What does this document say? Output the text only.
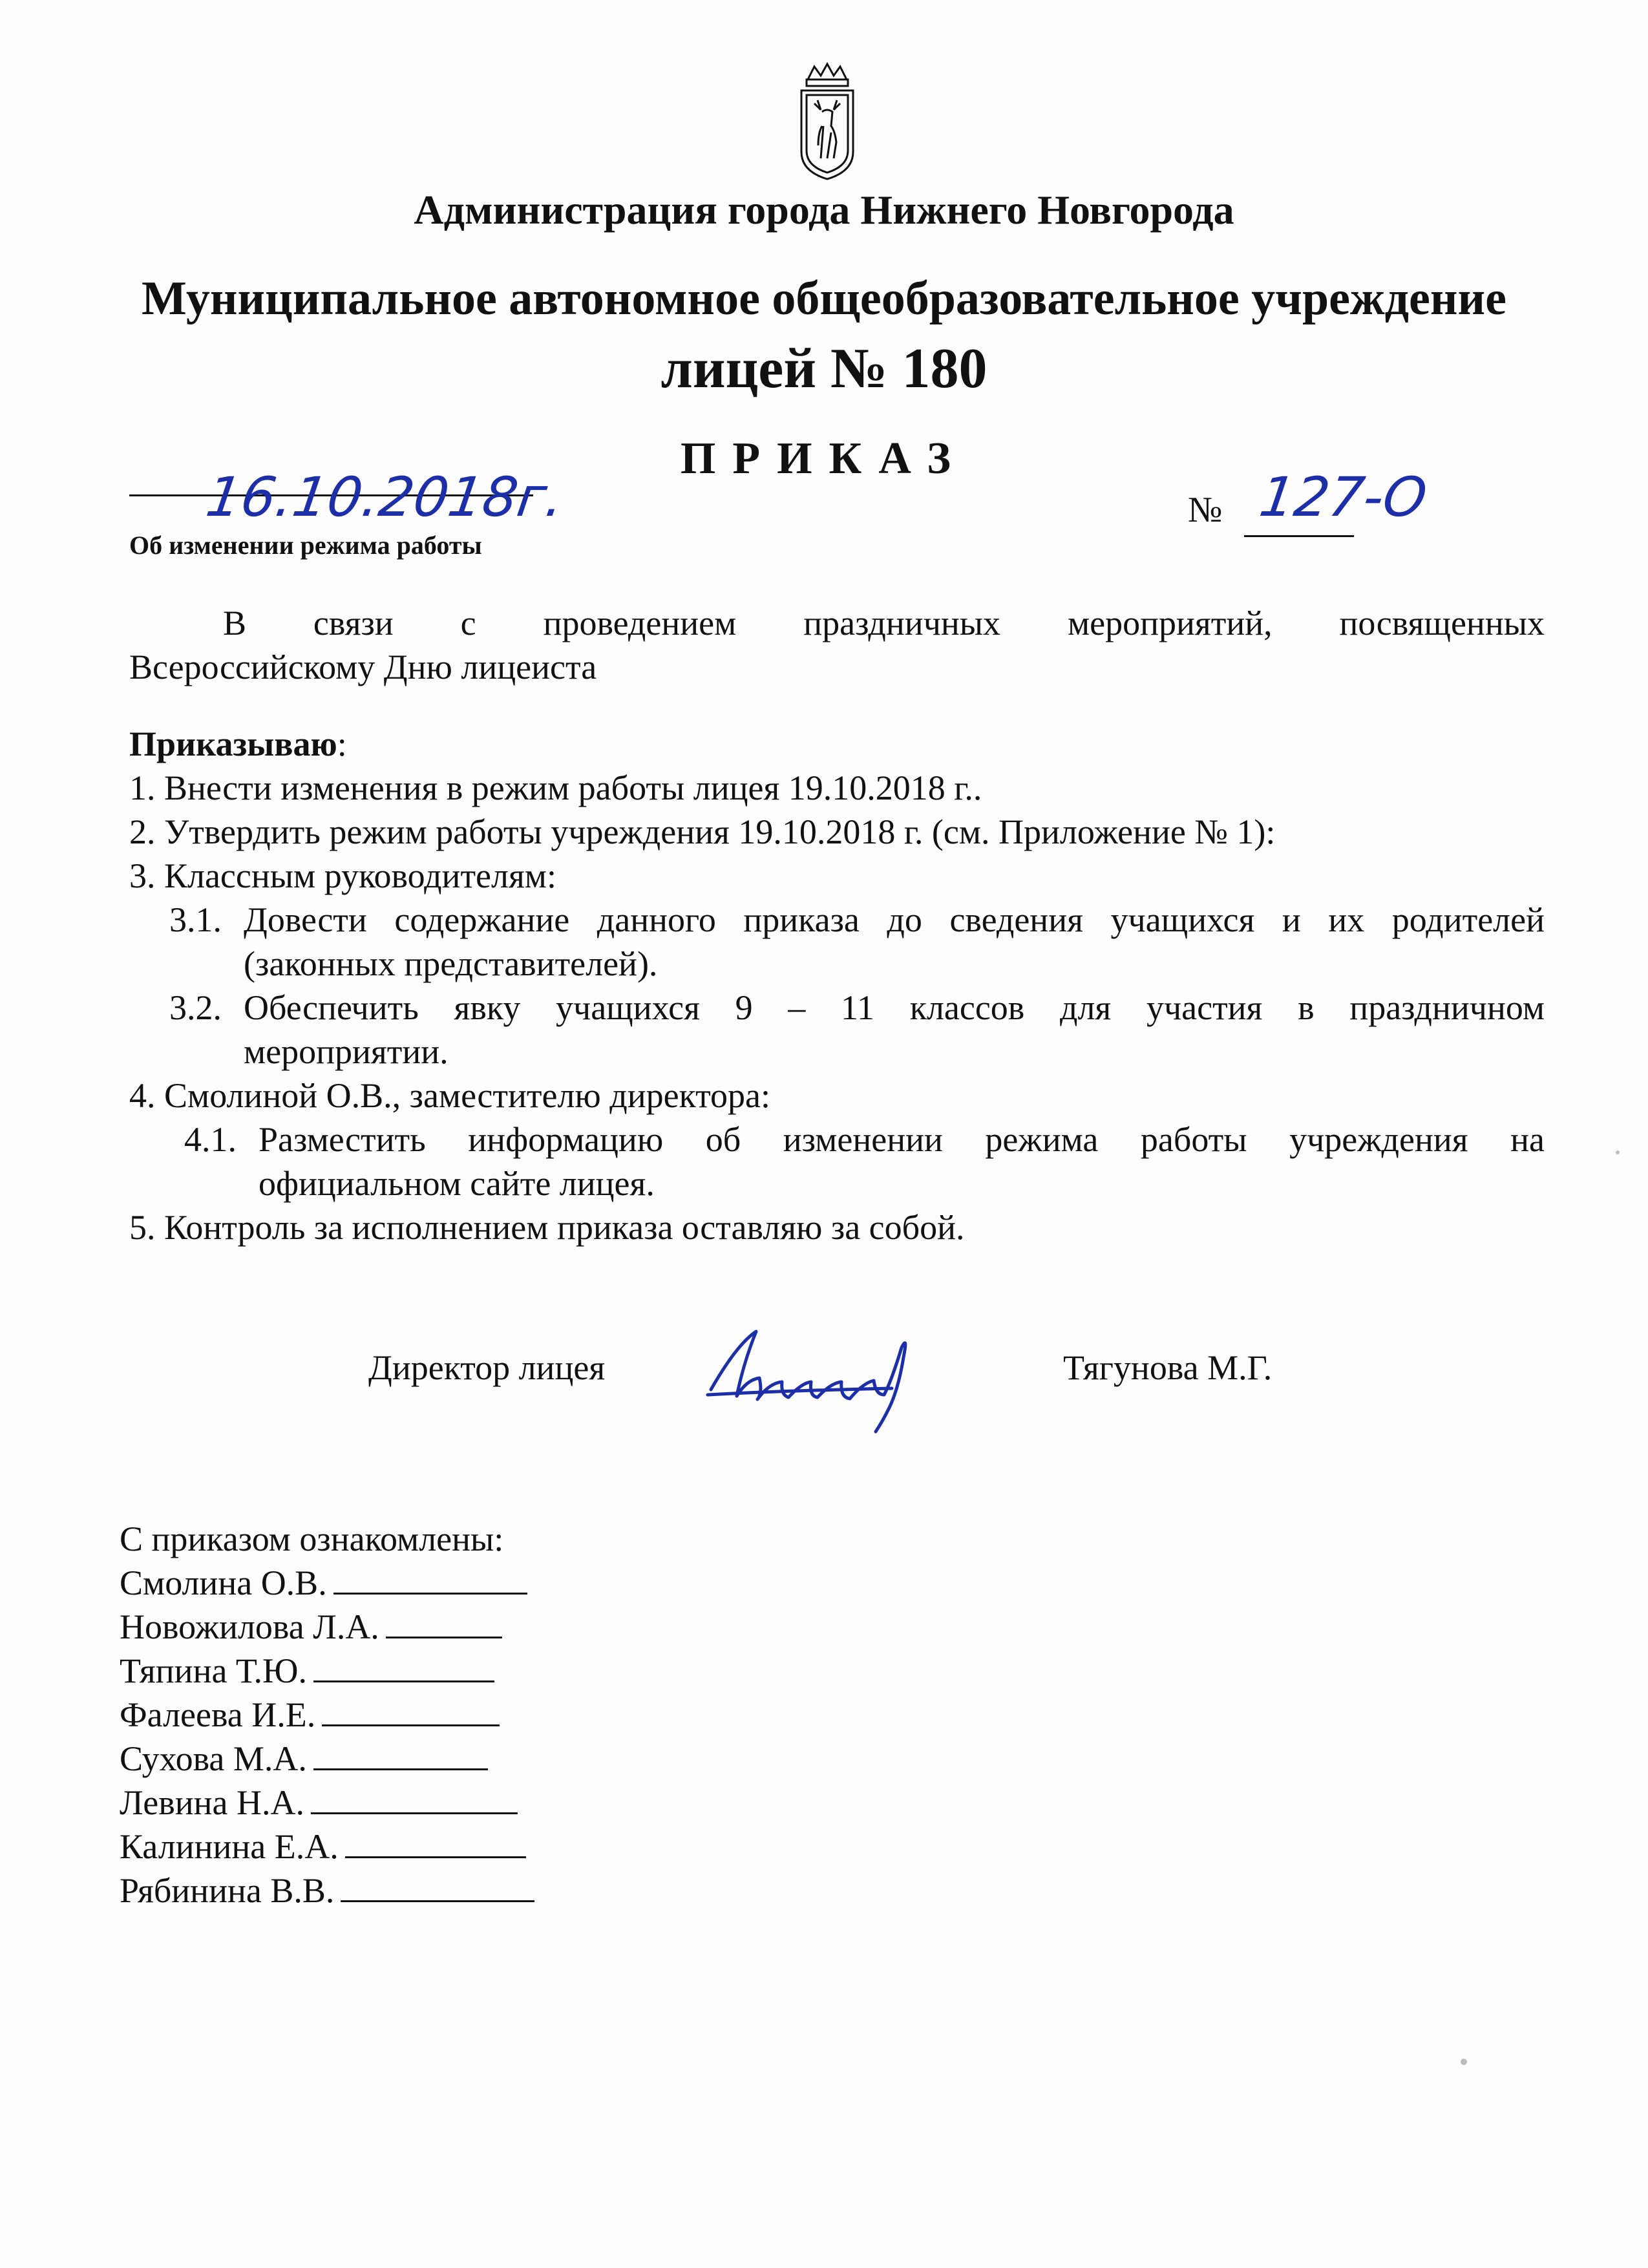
Администрация города Нижнего Новгорода
Муниципальное автономное общеобразовательное учреждение
лицей № 180
ПРИКАЗ
16.10.2018г.	№ 127-О
Об изменении режима работы
В связи с проведением праздничных мероприятий, посвященных
Всероссийскому Дню лицеиста
Приказываю:
1. Внести изменения в режим работы лицея 19.10.2018 г..
2. Утвердить режим работы учреждения 19.10.2018 г. (см. Приложение № 1):
3. Классным руководителям:
3.1. Довести содержание данного приказа до сведения учащихся и их родителей
(законных представителей).
3.2. Обеспечить явку учащихся 9 – 11 классов для участия в праздничном
мероприятии.
4. Смолиной О.В., заместителю директора:
4.1. Разместить информацию об изменении режима работы учреждения на
официальном сайте лицея.
5. Контроль за исполнением приказа оставляю за собой.
Директор лицея	Тягунова М.Г.
С приказом ознакомлены:
Смолина О.В.
Новожилова Л.А.
Тяпина Т.Ю.
Фалеева И.Е.
Сухова М.А.
Левина Н.А.
Калинина Е.А.
Рябинина В.В.
